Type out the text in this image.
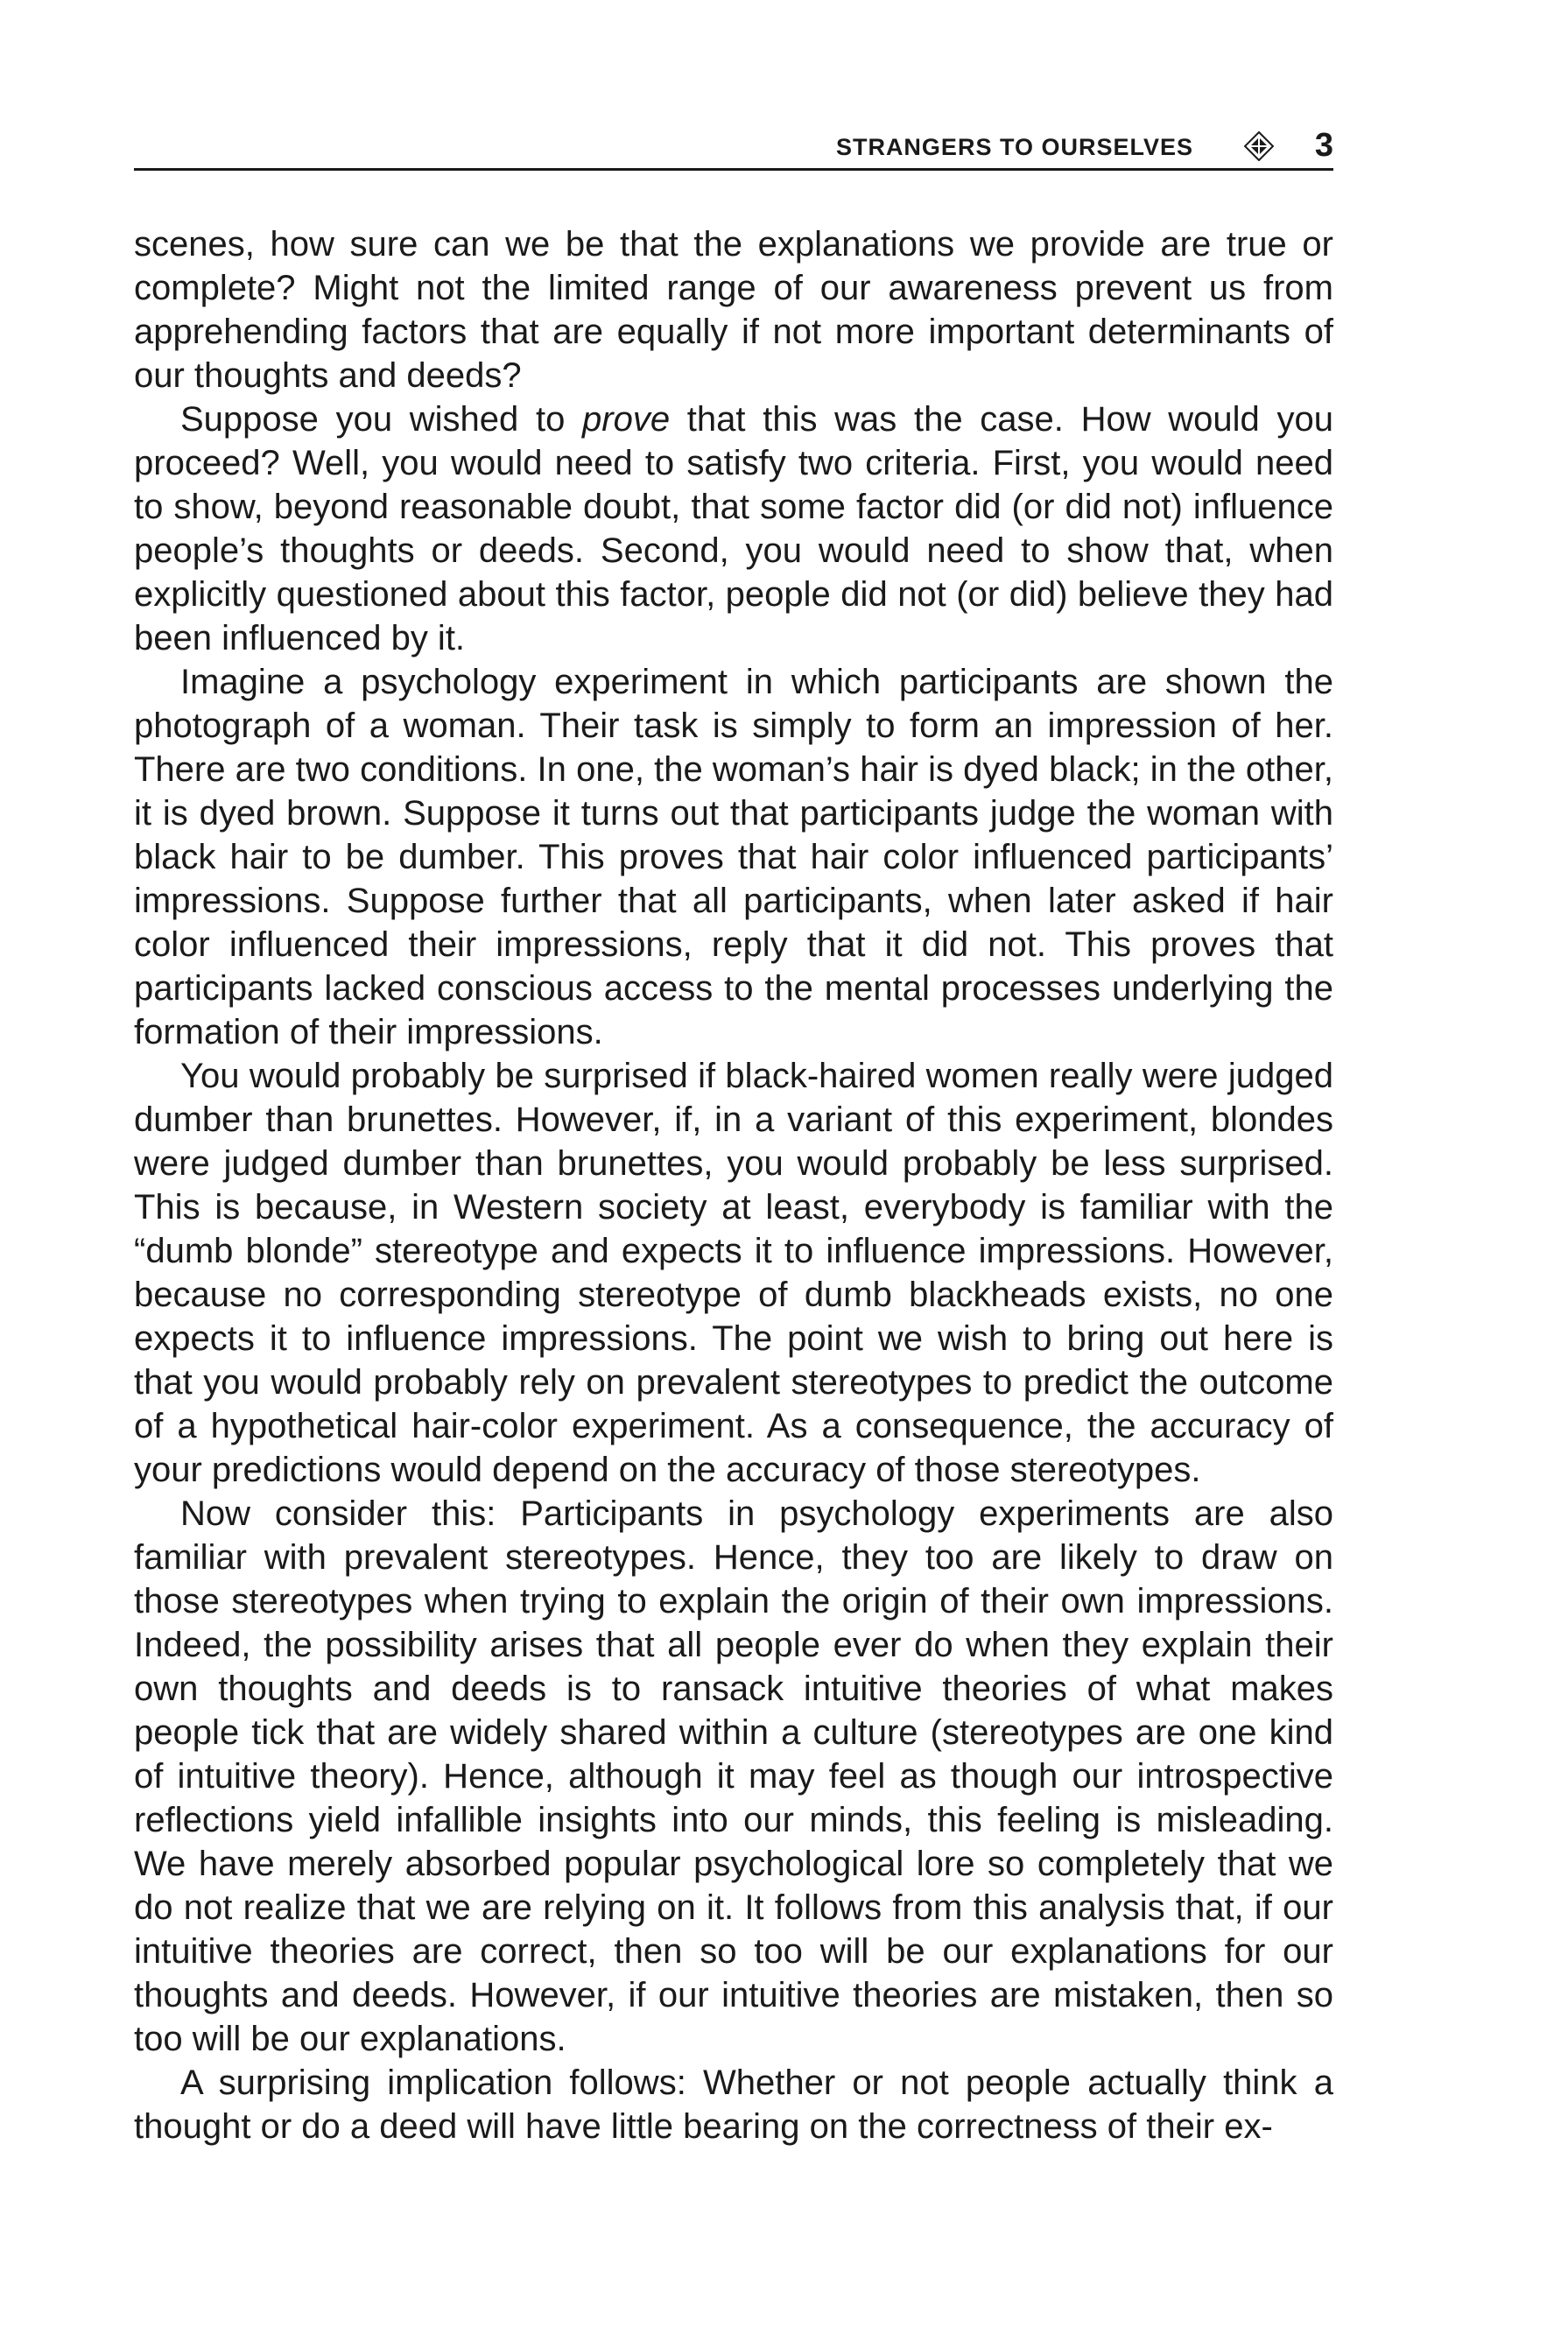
STRANGERS TO OURSELVES	3

scenes, how sure can we be that the explanations we provide are true or complete? Might not the limited range of our awareness prevent us from apprehending factors that are equally if not more important determinants of our thoughts and deeds?

Suppose you wished to prove that this was the case. How would you proceed? Well, you would need to satisfy two criteria. First, you would need to show, beyond reasonable doubt, that some factor did (or did not) influence people’s thoughts or deeds. Second, you would need to show that, when explicitly questioned about this factor, people did not (or did) believe they had been influenced by it.

Imagine a psychology experiment in which participants are shown the photograph of a woman. Their task is simply to form an impression of her. There are two conditions. In one, the woman’s hair is dyed black; in the other, it is dyed brown. Suppose it turns out that participants judge the woman with black hair to be dumber. This proves that hair color influenced participants’ impressions. Suppose further that all participants, when later asked if hair color influenced their impressions, reply that it did not. This proves that participants lacked conscious access to the mental processes underlying the formation of their impressions.

You would probably be surprised if black-haired women really were judged dumber than brunettes. However, if, in a variant of this experiment, blondes were judged dumber than brunettes, you would probably be less surprised. This is because, in Western society at least, everybody is familiar with the “dumb blonde” stereotype and expects it to influence impressions. However, because no corresponding stereotype of dumb blackheads exists, no one expects it to influence impressions. The point we wish to bring out here is that you would probably rely on prevalent stereotypes to predict the outcome of a hypothetical hair-color experiment. As a consequence, the accuracy of your predictions would depend on the accuracy of those stereotypes.

Now consider this: Participants in psychology experiments are also familiar with prevalent stereotypes. Hence, they too are likely to draw on those stereotypes when trying to explain the origin of their own impressions. Indeed, the possibility arises that all people ever do when they explain their own thoughts and deeds is to ransack intuitive theories of what makes people tick that are widely shared within a culture (stereotypes are one kind of intuitive theory). Hence, although it may feel as though our introspective reflections yield infallible insights into our minds, this feeling is misleading. We have merely absorbed popular psychological lore so completely that we do not realize that we are relying on it. It follows from this analysis that, if our intuitive theories are correct, then so too will be our explanations for our thoughts and deeds. However, if our intuitive theories are mistaken, then so too will be our explanations.

A surprising implication follows: Whether or not people actually think a thought or do a deed will have little bearing on the correctness of their ex-
